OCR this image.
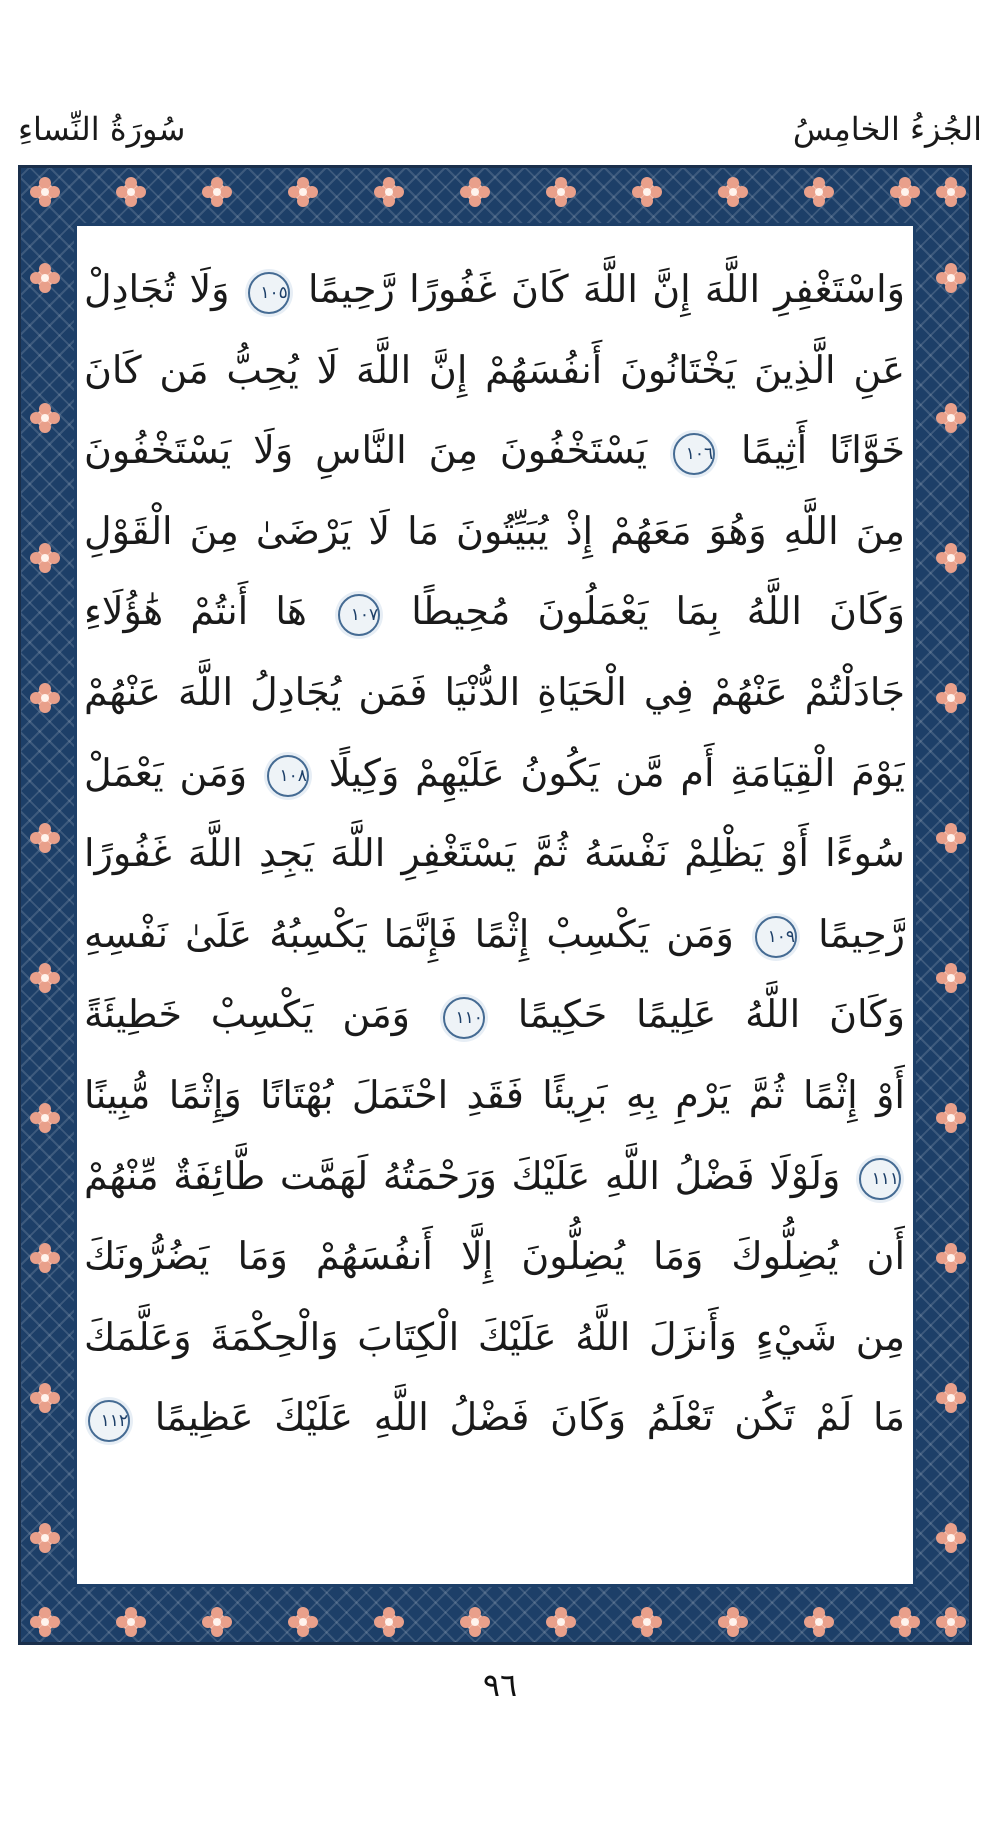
الجُزءُ الخامِسُ
سُورَةُ النِّساءِ
وَاسْتَغْفِرِ اللَّهَ إِنَّ اللَّهَ كَانَ غَفُورًا رَّحِيمًا ١٠٥ وَلَا تُجَادِلْ
عَنِ الَّذِينَ يَخْتَانُونَ أَنفُسَهُمْ إِنَّ اللَّهَ لَا يُحِبُّ مَن كَانَ
خَوَّانًا أَثِيمًا ١٠٦ يَسْتَخْفُونَ مِنَ النَّاسِ وَلَا يَسْتَخْفُونَ
مِنَ اللَّهِ وَهُوَ مَعَهُمْ إِذْ يُبَيِّتُونَ مَا لَا يَرْضَىٰ مِنَ الْقَوْلِ
وَكَانَ اللَّهُ بِمَا يَعْمَلُونَ مُحِيطًا ١٠٧ هَا أَنتُمْ هَٰؤُلَاءِ
جَادَلْتُمْ عَنْهُمْ فِي الْحَيَاةِ الدُّنْيَا فَمَن يُجَادِلُ اللَّهَ عَنْهُمْ
يَوْمَ الْقِيَامَةِ أَم مَّن يَكُونُ عَلَيْهِمْ وَكِيلًا ١٠٨ وَمَن يَعْمَلْ
سُوءًا أَوْ يَظْلِمْ نَفْسَهُ ثُمَّ يَسْتَغْفِرِ اللَّهَ يَجِدِ اللَّهَ غَفُورًا
رَّحِيمًا ١٠٩ وَمَن يَكْسِبْ إِثْمًا فَإِنَّمَا يَكْسِبُهُ عَلَىٰ نَفْسِهِ
وَكَانَ اللَّهُ عَلِيمًا حَكِيمًا ١١٠ وَمَن يَكْسِبْ خَطِيئَةً
أَوْ إِثْمًا ثُمَّ يَرْمِ بِهِ بَرِيئًا فَقَدِ احْتَمَلَ بُهْتَانًا وَإِثْمًا مُّبِينًا
١١١ وَلَوْلَا فَضْلُ اللَّهِ عَلَيْكَ وَرَحْمَتُهُ لَهَمَّت طَّائِفَةٌ مِّنْهُمْ
أَن يُضِلُّوكَ وَمَا يُضِلُّونَ إِلَّا أَنفُسَهُمْ وَمَا يَضُرُّونَكَ
مِن شَيْءٍ وَأَنزَلَ اللَّهُ عَلَيْكَ الْكِتَابَ وَالْحِكْمَةَ وَعَلَّمَكَ
مَا لَمْ تَكُن تَعْلَمُ وَكَانَ فَضْلُ اللَّهِ عَلَيْكَ عَظِيمًا ١١٢
٩٦
